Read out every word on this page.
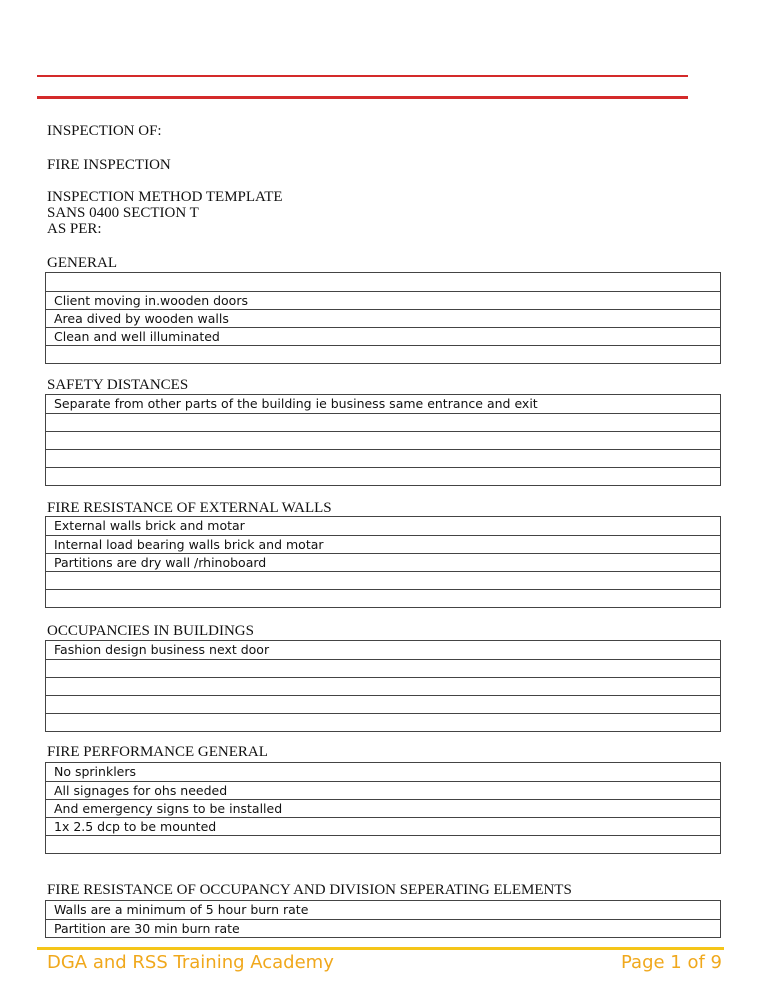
INSPECTION OF:
FIRE INSPECTION
INSPECTION METHOD TEMPLATE
SANS 0400 SECTION T
AS PER:
GENERAL
Client moving in.wooden doors
Area dived by wooden walls
Clean and well illuminated
SAFETY DISTANCES
Separate from other parts of the building ie business same entrance and exit
FIRE RESISTANCE OF EXTERNAL WALLS
External walls brick and motar
Internal load bearing walls brick and motar
Partitions are dry wall /rhinoboard
OCCUPANCIES IN BUILDINGS
Fashion design business next door
FIRE PERFORMANCE GENERAL
No sprinklers
All signages for ohs needed
And emergency signs to be installed
1x 2.5 dcp to be mounted
FIRE RESISTANCE OF OCCUPANCY AND DIVISION SEPERATING ELEMENTS
Walls are a minimum of 5 hour burn rate
Partition are 30 min burn rate
DGA and RSS Training Academy	Page 1 of 9
